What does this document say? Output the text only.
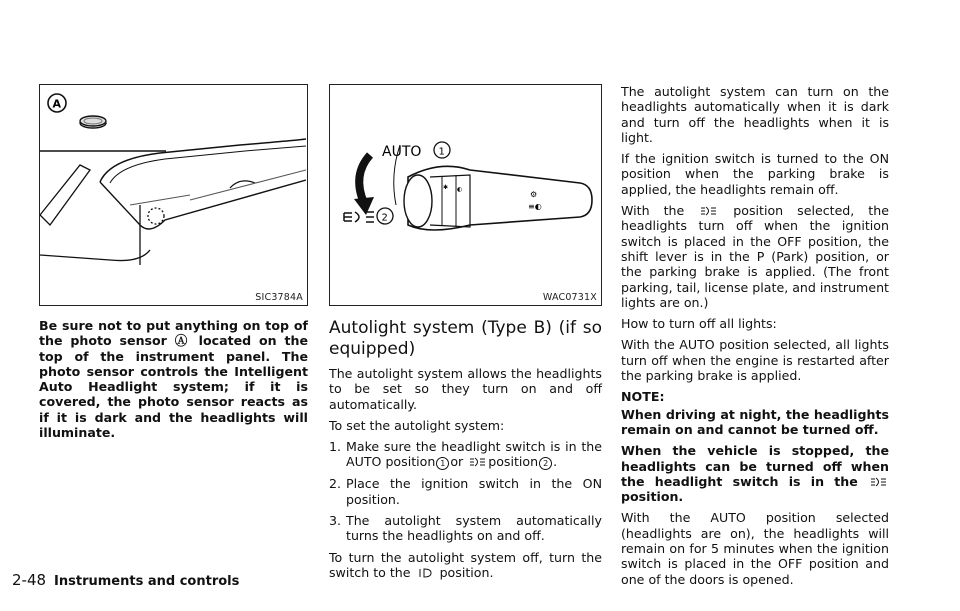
A
SIC3784A
AUTO 1
2
✱ ◐
⚙
≡◐
WAC0731X

Be sure not to put anything on top of the photo sensor Ⓐ located on the top of the instrument panel. The photo sensor controls the Intelligent Auto Headlight system; if it is covered, the photo sensor reacts as if it is dark and the headlights will illuminate.

Autolight system (Type B) (if so equipped)

The autolight system allows the headlights to be set so they turn on and off automatically.

To set the autolight system:

1. Make sure the headlight switch is in the AUTO position 1 or position 2 .
2. Place the ignition switch in the ON position.
3. The autolight system automatically turns the headlights on and off.

To turn the autolight system off, turn the switch to the position.

The autolight system can turn on the headlights automatically when it is dark and turn off the headlights when it is light.

If the ignition switch is turned to the ON position when the parking brake is applied, the headlights remain off.

With the	position selected, the headlights turn off when the ignition switch is placed in the OFF position, the shift lever is in the P (Park) position, or the parking brake is applied. (The front parking, tail, license plate, and instrument lights are on.)

How to turn off all lights:

With the AUTO position selected, all lights turn off when the engine is restarted after the parking brake is applied.

NOTE:

When driving at night, the headlights remain on and cannot be turned off.

When the vehicle is stopped, the headlights can be turned off when the headlight switch is in the  position.

With the AUTO position selected (headlights are on), the headlights will remain on for 5 minutes when the ignition switch is placed in the OFF position and one of the doors is opened.

2-48 Instruments and controls
